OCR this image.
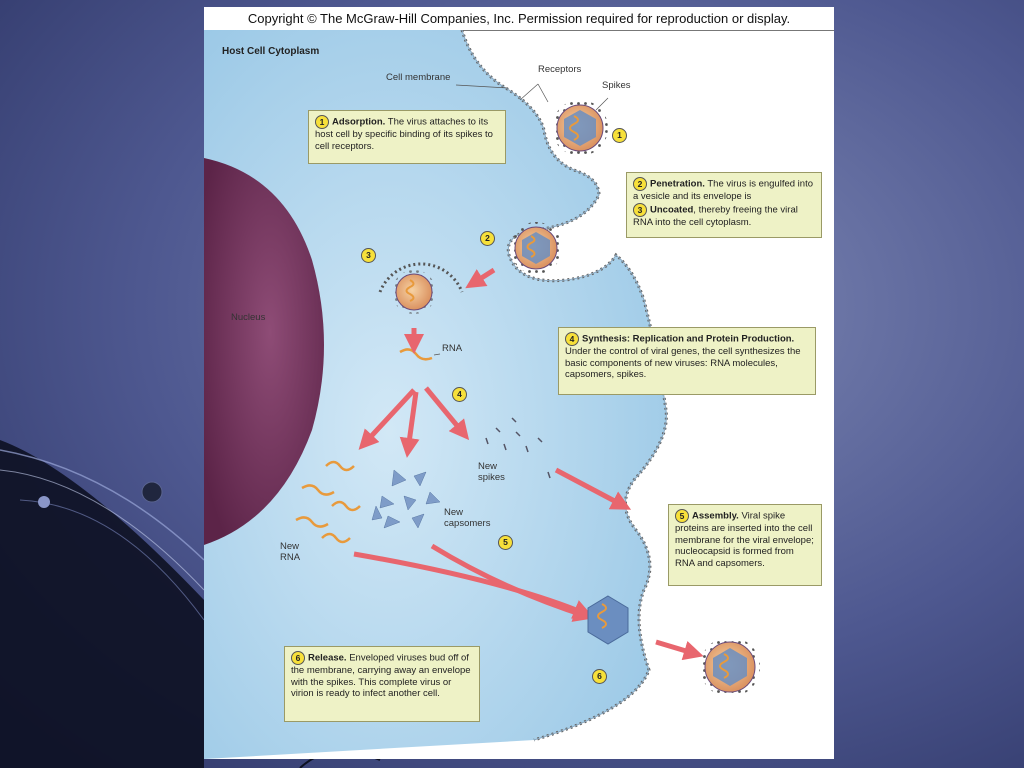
Copyright © The McGraw-Hill Companies, Inc. Permission required for reproduction or display.
Host Cell Cytoplasm
Cell membrane
Receptors
Spikes
Nucleus
RNA
New
spikes
New
capsomers
New
RNA
1
2
3
4
5
6
1 Adsorption. The virus attaches to its host cell by specific binding of its spikes to cell receptors.
2 Penetration. The virus is engulfed into a vesicle and its envelope is
3 Uncoated, thereby freeing the viral RNA into the cell cytoplasm.
4 Synthesis: Replication and Protein Production.
Under the control of viral genes, the cell synthesizes the basic components of new viruses: RNA molecules, capsomers, spikes.
5 Assembly. Viral spike proteins are inserted into the cell membrane for the viral envelope; nucleocapsid is formed from RNA and capsomers.
6 Release. Enveloped viruses bud off of the membrane, carrying away an envelope with the spikes. This complete virus or virion is ready to infect another cell.
